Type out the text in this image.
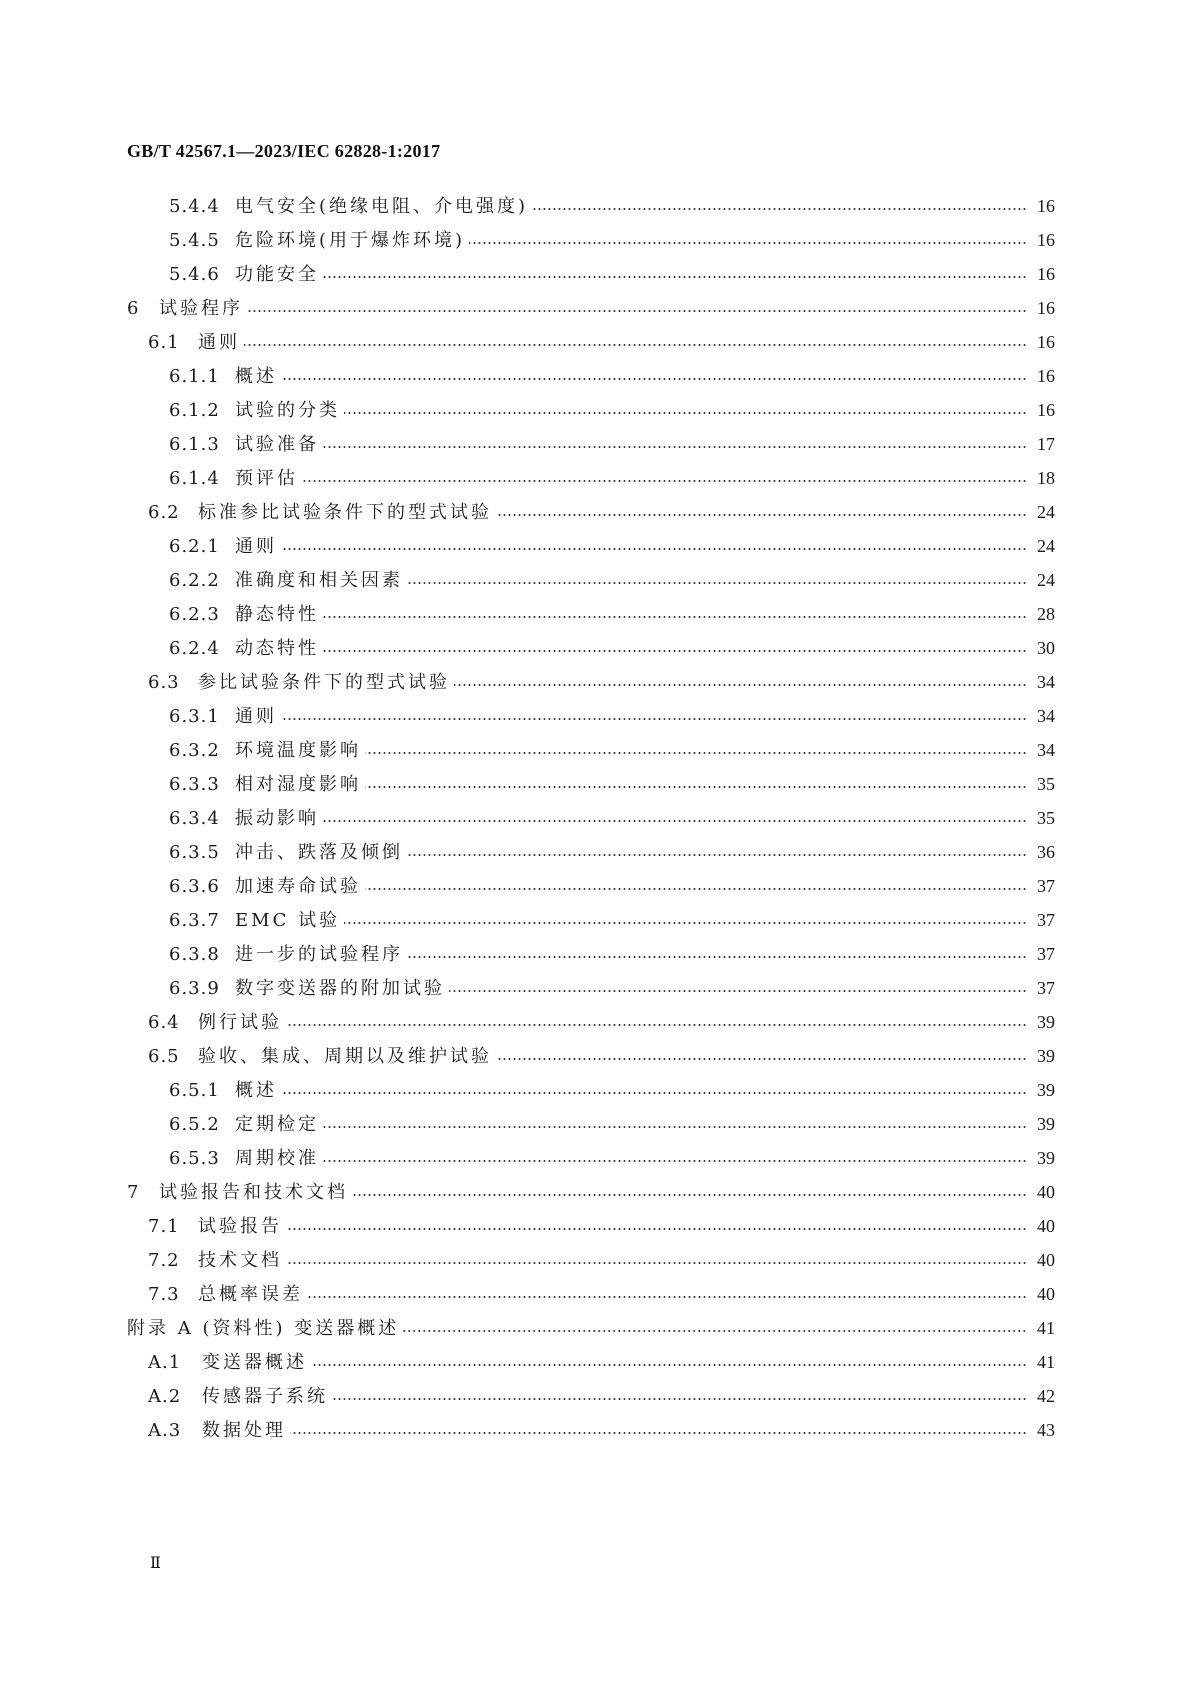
GB/T 42567.1—2023/IEC 62828-1:2017
5.4.4 电气安全(绝缘电阻、介电强度)	16
5.4.5 危险环境(用于爆炸环境)	16
5.4.6 功能安全	16
6	试验程序	16
6.1	通则	16
6.1.1 概述	16
6.1.2 试验的分类	16
6.1.3 试验准备	17
6.1.4 预评估	18
6.2	标准参比试验条件下的型式试验	24
6.2.1 通则	24
6.2.2 准确度和相关因素	24
6.2.3 静态特性	28
6.2.4 动态特性	30
6.3	参比试验条件下的型式试验	34
6.3.1 通则	34
6.3.2 环境温度影响	34
6.3.3 相对湿度影响	35
6.3.4 振动影响	35
6.3.5 冲击、跌落及倾倒	36
6.3.6 加速寿命试验	37
6.3.7 EMC 试验	37
6.3.8 进一步的试验程序	37
6.3.9 数字变送器的附加试验	37
6.4	例行试验	39
6.5	验收、集成、周期以及维护试验	39
6.5.1 概述	39
6.5.2 定期检定	39
6.5.3 周期校准	39
7	试验报告和技术文档	40
7.1	试验报告	40
7.2	技术文档	40
7.3	总概率误差	40
附录 A (资料性) 变送器概述	41
A.1	变送器概述	41
A.2	传感器子系统	42
A.3	数据处理	43
Ⅱ
